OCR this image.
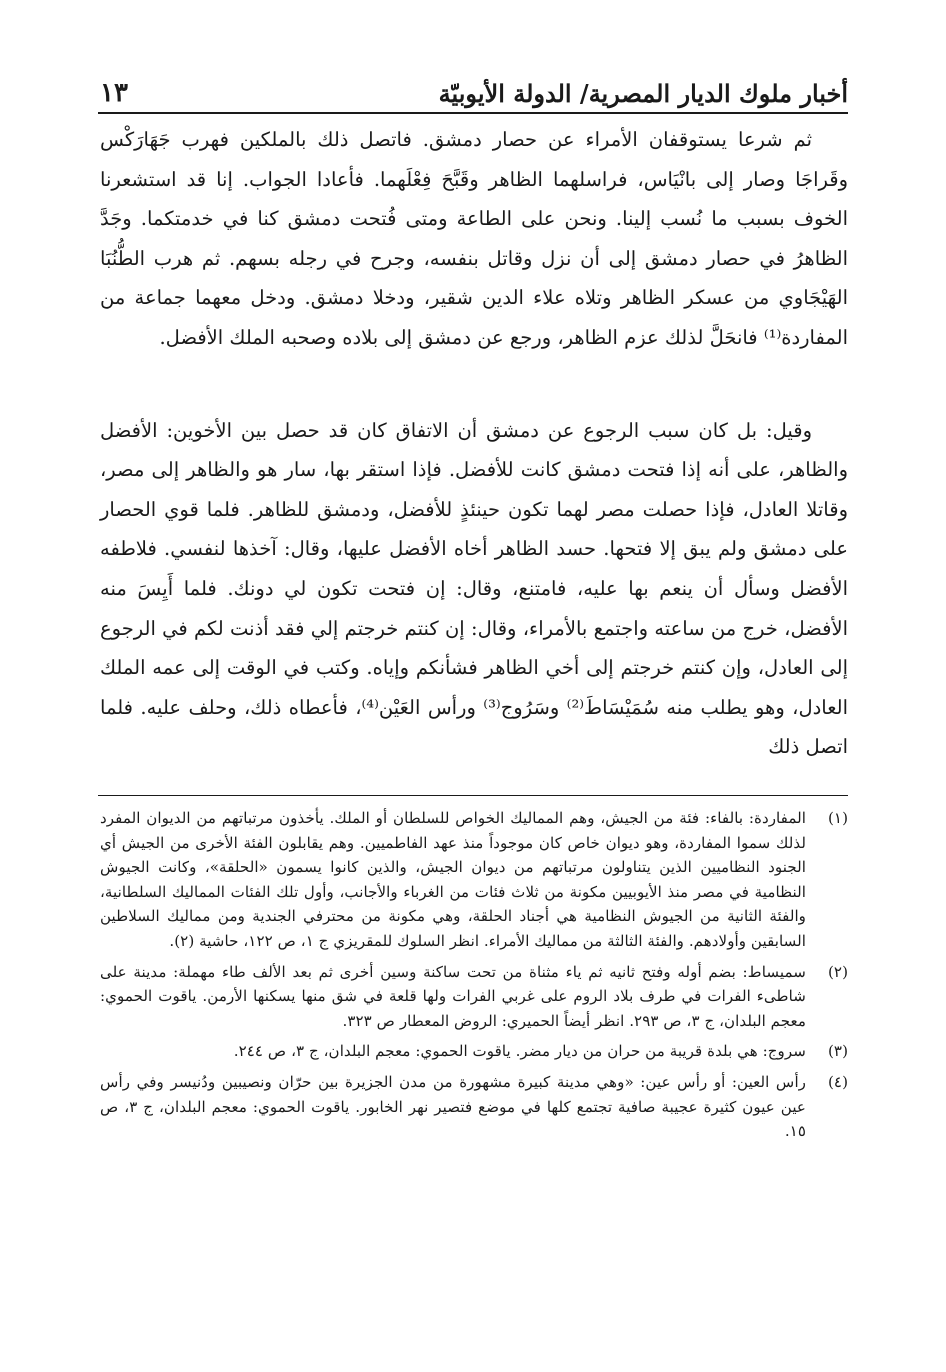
أخبار ملوك الديار المصرية/ الدولة الأيوبيّة
١٣

ثم شرعا يستوقفان الأمراء عن حصار دمشق. فاتصل ذلك بالملكين فهرب جَهَارَكْس وقَراجَا وصار إلى بانْيَاس، فراسلهما الظاهر وقَبَّحَ فِعْلَهما. فأعادا الجواب. إنا قد استشعرنا الخوف بسبب ما نُسب إلينا. ونحن على الطاعة ومتى فُتحت دمشق كنا في خدمتكما. وجَدَّ الظاهرُ في حصار دمشق إلى أن نزل وقاتل بنفسه، وجرح في رجله بسهم. ثم هرب الطُّنُبَا الهَيْجَاوي من عسكر الظاهر وتلاه علاء الدين شقير، ودخلا دمشق. ودخل معهما جماعة من المفاردة⁽¹⁾ فانحَلَّ لذلك عزم الظاهر، ورجع عن دمشق إلى بلاده وصحبه الملك الأفضل.

وقيل: بل كان سبب الرجوع عن دمشق أن الاتفاق كان قد حصل بين الأخوين: الأفضل والظاهر، على أنه إذا فتحت دمشق كانت للأفضل. فإذا استقر بها، سار هو والظاهر إلى مصر، وقاتلا العادل، فإذا حصلت مصر لهما تكون حينئذٍ للأفضل، ودمشق للظاهر. فلما قوي الحصار على دمشق ولم يبق إلا فتحها. حسد الظاهر أخاه الأفضل عليها، وقال: آخذها لنفسي. فلاطفه الأفضل وسأل أن ينعم بها عليه، فامتنع، وقال: إن فتحت تكون لي دونك. فلما أَيِسَ منه الأفضل، خرج من ساعته واجتمع بالأمراء، وقال: إن كنتم خرجتم إلي فقد أذنت لكم في الرجوع إلى العادل، وإن كنتم خرجتم إلى أخي الظاهر فشأنكم وإياه. وكتب في الوقت إلى عمه الملك العادل، وهو يطلب منه سُمَيْسَاطَ⁽²⁾ وسَرُوج⁽³⁾ ورأس العَيْن⁽⁴⁾، فأعطاه ذلك، وحلف عليه. فلما اتصل ذلك

(١)
المفاردة: بالفاء: فئة من الجيش، وهم المماليك الخواص للسلطان أو الملك. يأخذون مرتباتهم من الديوان المفرد لذلك سموا المفاردة، وهو ديوان خاص كان موجوداً منذ عهد الفاطميين. وهم يقابلون الفئة الأخرى من الجيش أي الجنود النظاميين الذين يتناولون مرتباتهم من ديوان الجيش، والذين كانوا يسمون «الحلقة»، وكانت الجيوش النظامية في مصر منذ الأيوبيين مكونة من ثلاث فئات من الغرباء والأجانب، وأول تلك الفئات المماليك السلطانية، والفئة الثانية من الجيوش النظامية هي أجناد الحلقة، وهي مكونة من محترفي الجندية ومن مماليك السلاطين السابقين وأولادهم. والفئة الثالثة من مماليك الأمراء. انظر السلوك للمقريزي ج ١، ص ١٢٢، حاشية (٢).
(٢)
سميساط: بضم أوله وفتح ثانيه ثم ياء مثناة من تحت ساكنة وسين أخرى ثم بعد الألف طاء مهملة: مدينة على شاطىء الفرات في طرف بلاد الروم على غربي الفرات ولها قلعة في شق منها يسكنها الأرمن. ياقوت الحموي: معجم البلدان، ج ٣، ص ٢٩٣. انظر أيضاً الحميري: الروض المعطار ص ٣٢٣.
(٣)
سروج: هي بلدة قريبة من حران من ديار مضر. ياقوت الحموي: معجم البلدان، ج ٣، ص ٢٤٤.
(٤)
رأس العين: أو رأس عين: «وهي مدينة كبيرة مشهورة من مدن الجزيرة بين حرّان ونصيبين ودُنيسر وفي رأس عين عيون كثيرة عجيبة صافية تجتمع كلها في موضع فتصير نهر الخابور. ياقوت الحموي: معجم البلدان، ج ٣، ص ١٥.
